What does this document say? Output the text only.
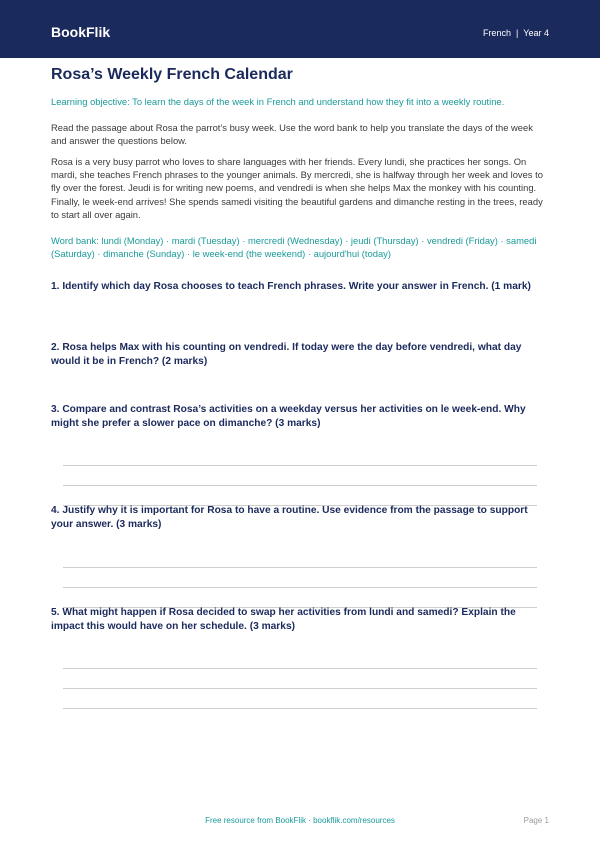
BookFlik	French | Year 4
Rosa’s Weekly French Calendar
Learning objective: To learn the days of the week in French and understand how they fit into a weekly routine.
Read the passage about Rosa the parrot’s busy week. Use the word bank to help you translate the days of the week and answer the questions below.
Rosa is a very busy parrot who loves to share languages with her friends. Every lundi, she practices her songs. On mardi, she teaches French phrases to the younger animals. By mercredi, she is halfway through her week and loves to fly over the forest. Jeudi is for writing new poems, and vendredi is when she helps Max the monkey with his counting. Finally, le week-end arrives! She spends samedi visiting the beautiful gardens and dimanche resting in the trees, ready to start all over again.
Word bank: lundi (Monday) · mardi (Tuesday) · mercredi (Wednesday) · jeudi (Thursday) · vendredi (Friday) · samedi (Saturday) · dimanche (Sunday) · le week-end (the weekend) · aujourd'hui (today)
1. Identify which day Rosa chooses to teach French phrases. Write your answer in French. (1 mark)
2. Rosa helps Max with his counting on vendredi. If today were the day before vendredi, what day would it be in French? (2 marks)
3. Compare and contrast Rosa’s activities on a weekday versus her activities on le week-end. Why might she prefer a slower pace on dimanche? (3 marks)
4. Justify why it is important for Rosa to have a routine. Use evidence from the passage to support your answer. (3 marks)
5. What might happen if Rosa decided to swap her activities from lundi and samedi? Explain the impact this would have on her schedule. (3 marks)
Free resource from BookFlik · bookflik.com/resources	Page 1
